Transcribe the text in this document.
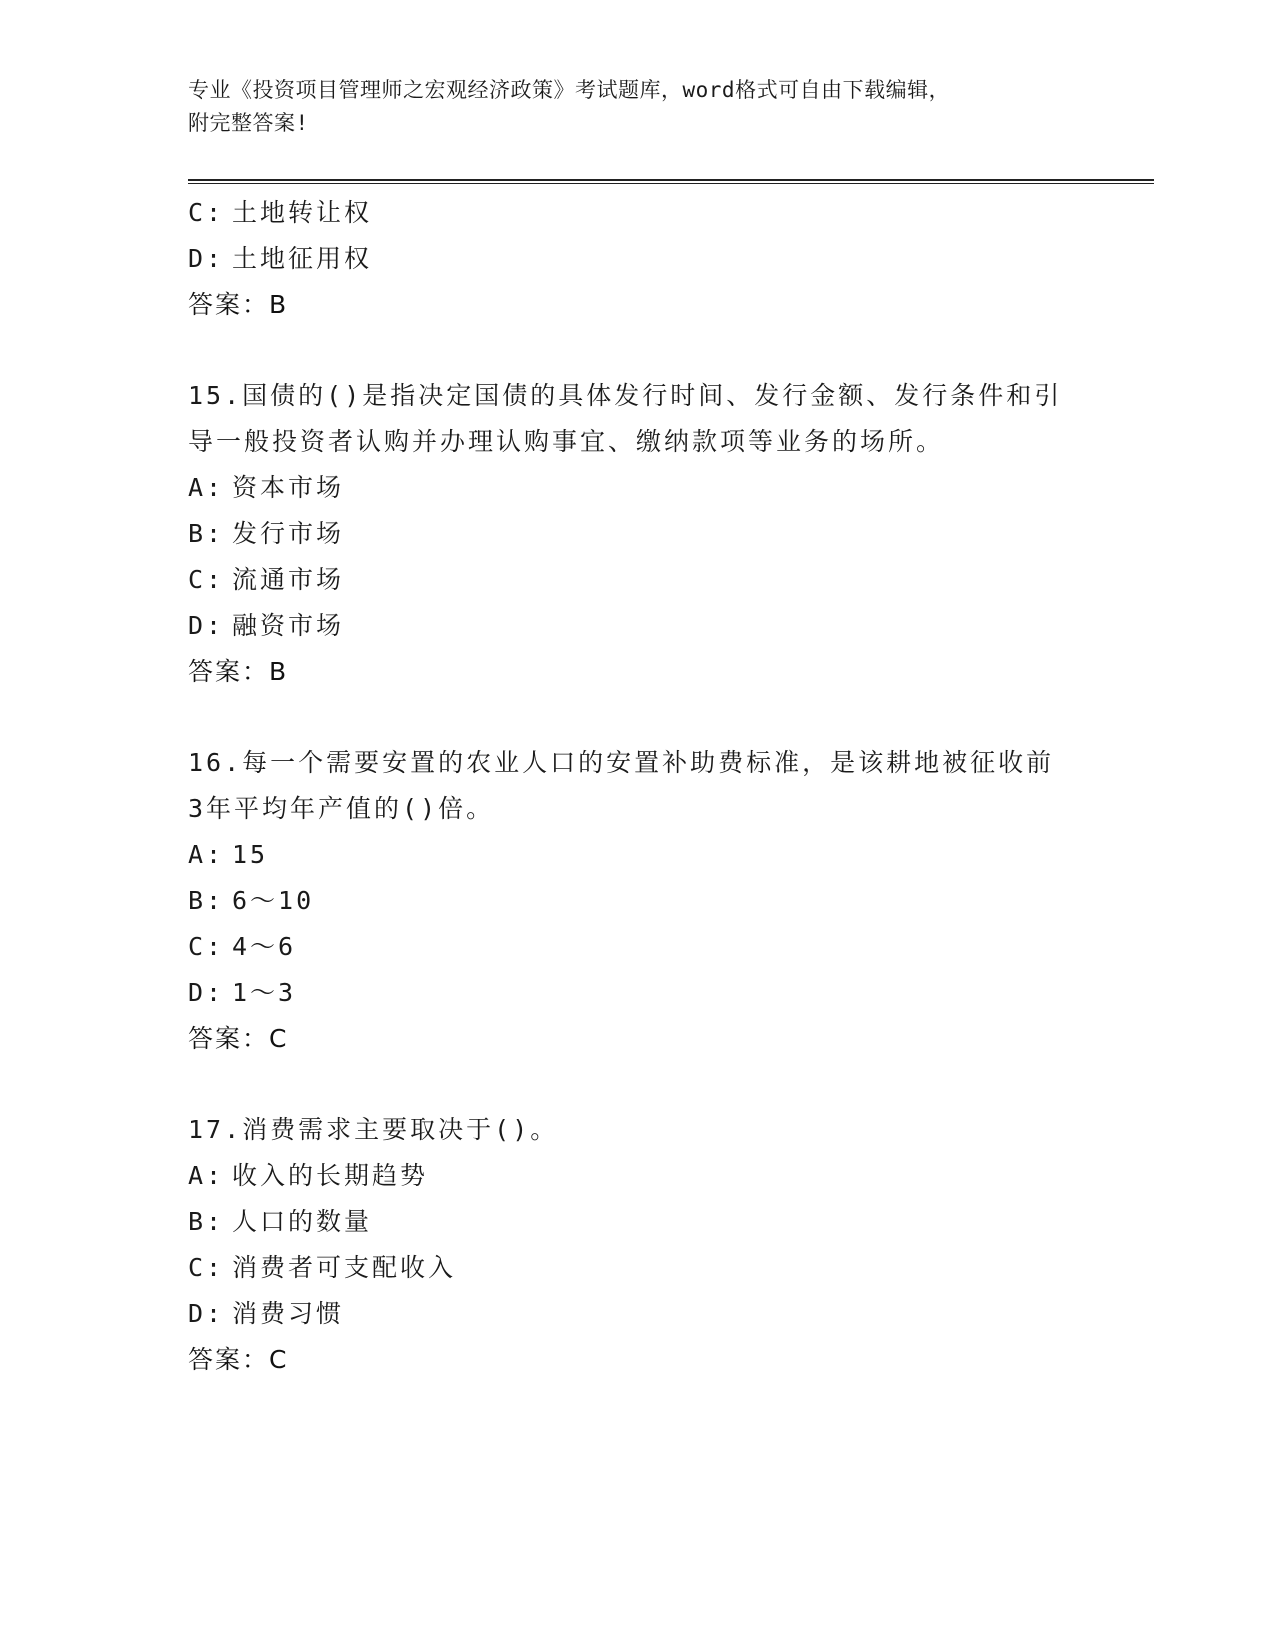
专业《投资项目管理师之宏观经济政策》考试题库，word格式可自由下载编辑，
附完整答案!
C: 土地转让权
D: 土地征用权
答案：B
15.国债的()是指决定国债的具体发行时间、发行金额、发行条件和引
导一般投资者认购并办理认购事宜、缴纳款项等业务的场所。
A: 资本市场
B: 发行市场
C: 流通市场
D: 融资市场
答案：B
16.每一个需要安置的农业人口的安置补助费标准，是该耕地被征收前
3年平均年产值的()倍。
A: 15
B: 6～10
C: 4～6
D: 1～3
答案：C
17.消费需求主要取决于()。
A: 收入的长期趋势
B: 人口的数量
C: 消费者可支配收入
D: 消费习惯
答案：C
